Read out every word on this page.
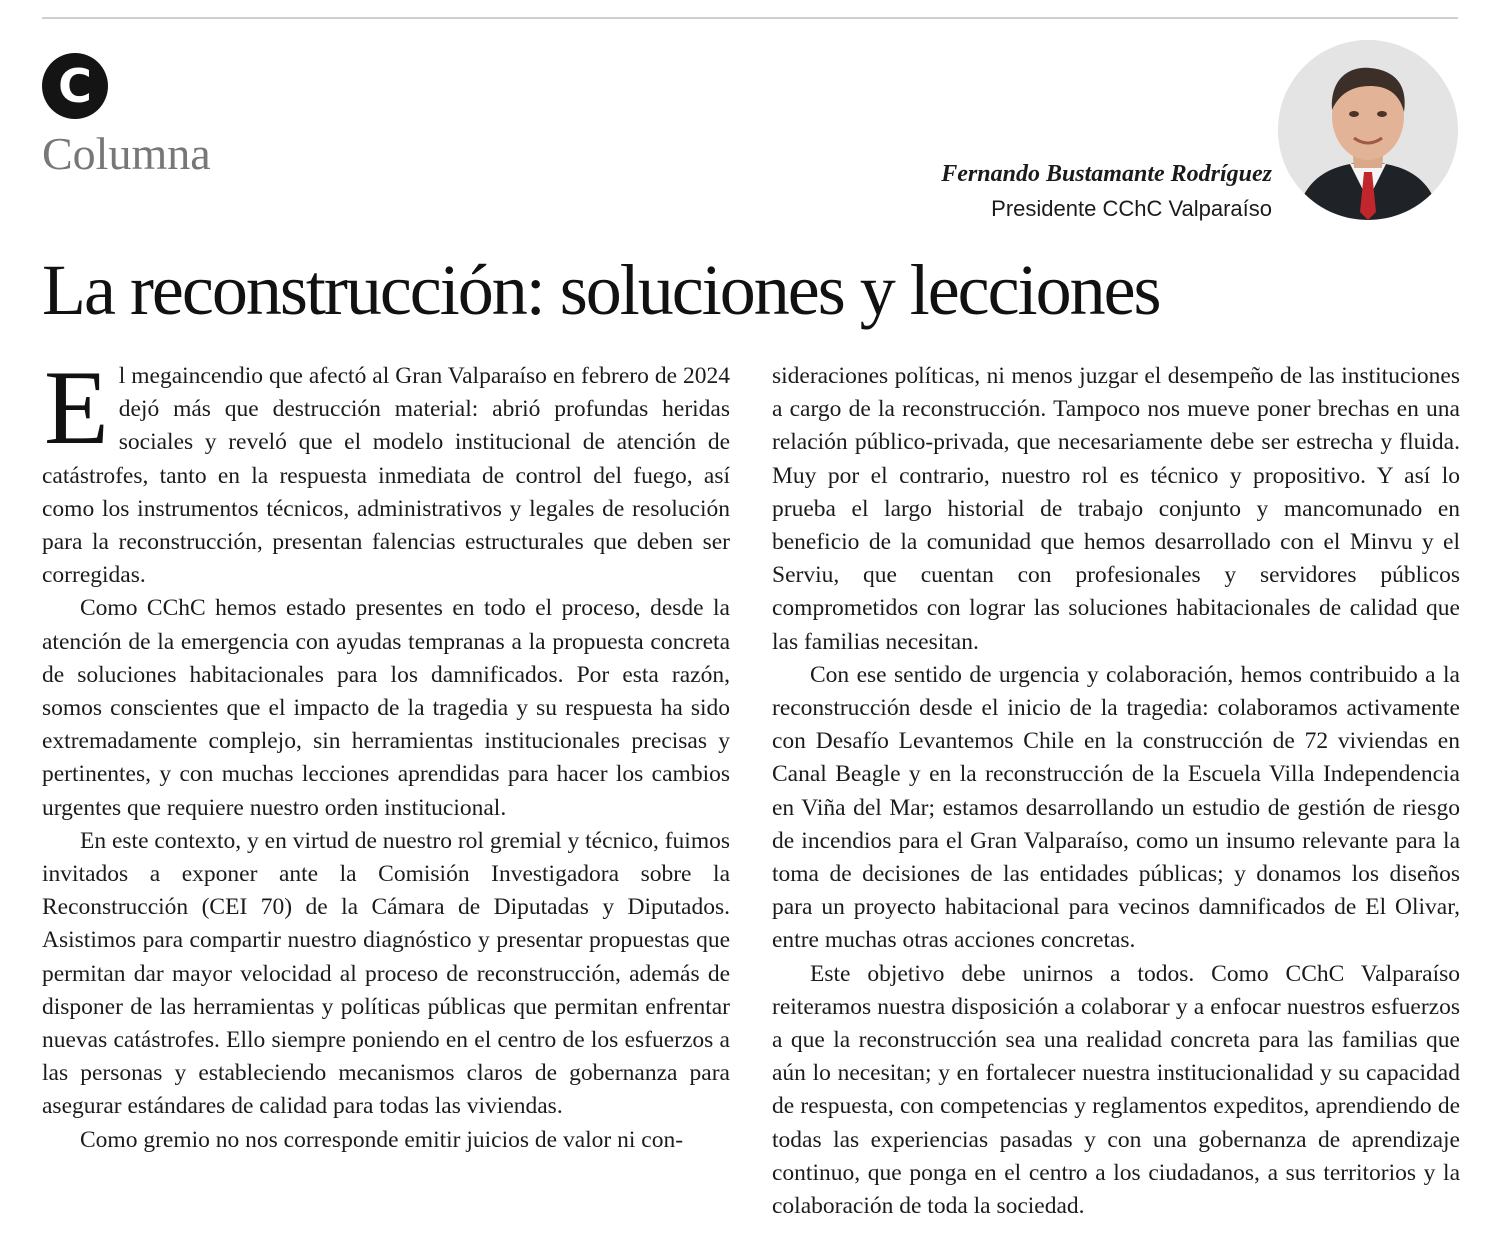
C
Columna	Fernando Bustamante Rodríguez
Presidente CChC Valparaíso
La reconstrucción: soluciones y lecciones

El megaincendio que afectó al Gran Valparaíso en febrero de 2024 dejó más que destrucción material: abrió profundas heridas sociales y reveló que el modelo institucional de atención de catástrofes, tanto en la respuesta inmediata de control del fuego, así como los instrumentos técnicos, administrativos y legales de resolución para la reconstrucción, presentan falencias estructurales que deben ser corregidas.

Como CChC hemos estado presentes en todo el proceso, desde la atención de la emergencia con ayudas tempranas a la propuesta concreta de soluciones habitacionales para los damnificados. Por esta razón, somos conscientes que el impacto de la tragedia y su respuesta ha sido extremadamente complejo, sin herramientas institucionales precisas y pertinentes, y con muchas lecciones aprendidas para hacer los cambios urgentes que requiere nuestro orden institucional.

En este contexto, y en virtud de nuestro rol gremial y técnico, fuimos invitados a exponer ante la Comisión Investigadora sobre la Reconstrucción (CEI 70) de la Cámara de Diputadas y Diputados. Asistimos para compartir nuestro diagnóstico y presentar propuestas que permitan dar mayor velocidad al proceso de reconstrucción, además de disponer de las herramientas y políticas públicas que permitan enfrentar nuevas catástrofes. Ello siempre poniendo en el centro de los esfuerzos a las personas y estableciendo mecanismos claros de gobernanza para asegurar estándares de calidad para todas las viviendas.

Como gremio no nos corresponde emitir juicios de valor ni con-

sideraciones políticas, ni menos juzgar el desempeño de las instituciones a cargo de la reconstrucción. Tampoco nos mueve poner brechas en una relación público-privada, que necesariamente debe ser estrecha y fluida. Muy por el contrario, nuestro rol es técnico y propositivo. Y así lo prueba el largo historial de trabajo conjunto y mancomunado en beneficio de la comunidad que hemos desarrollado con el Minvu y el Serviu, que cuentan con profesionales y servidores públicos comprometidos con lograr las soluciones habitacionales de calidad que las familias necesitan.

Con ese sentido de urgencia y colaboración, hemos contribuido a la reconstrucción desde el inicio de la tragedia: colaboramos activamente con Desafío Levantemos Chile en la construcción de 72 viviendas en Canal Beagle y en la reconstrucción de la Escuela Villa Independencia en Viña del Mar; estamos desarrollando un estudio de gestión de riesgo de incendios para el Gran Valparaíso, como un insumo relevante para la toma de decisiones de las entidades públicas; y donamos los diseños para un proyecto habitacional para vecinos damnificados de El Olivar, entre muchas otras acciones concretas.

Este objetivo debe unirnos a todos. Como CChC Valparaíso reiteramos nuestra disposición a colaborar y a enfocar nuestros esfuerzos a que la reconstrucción sea una realidad concreta para las familias que aún lo necesitan; y en fortalecer nuestra institucionalidad y su capacidad de respuesta, con competencias y reglamentos expeditos, aprendiendo de todas las experiencias pasadas y con una gobernanza de aprendizaje continuo, que ponga en el centro a los ciudadanos, a sus territorios y la colaboración de toda la sociedad.
